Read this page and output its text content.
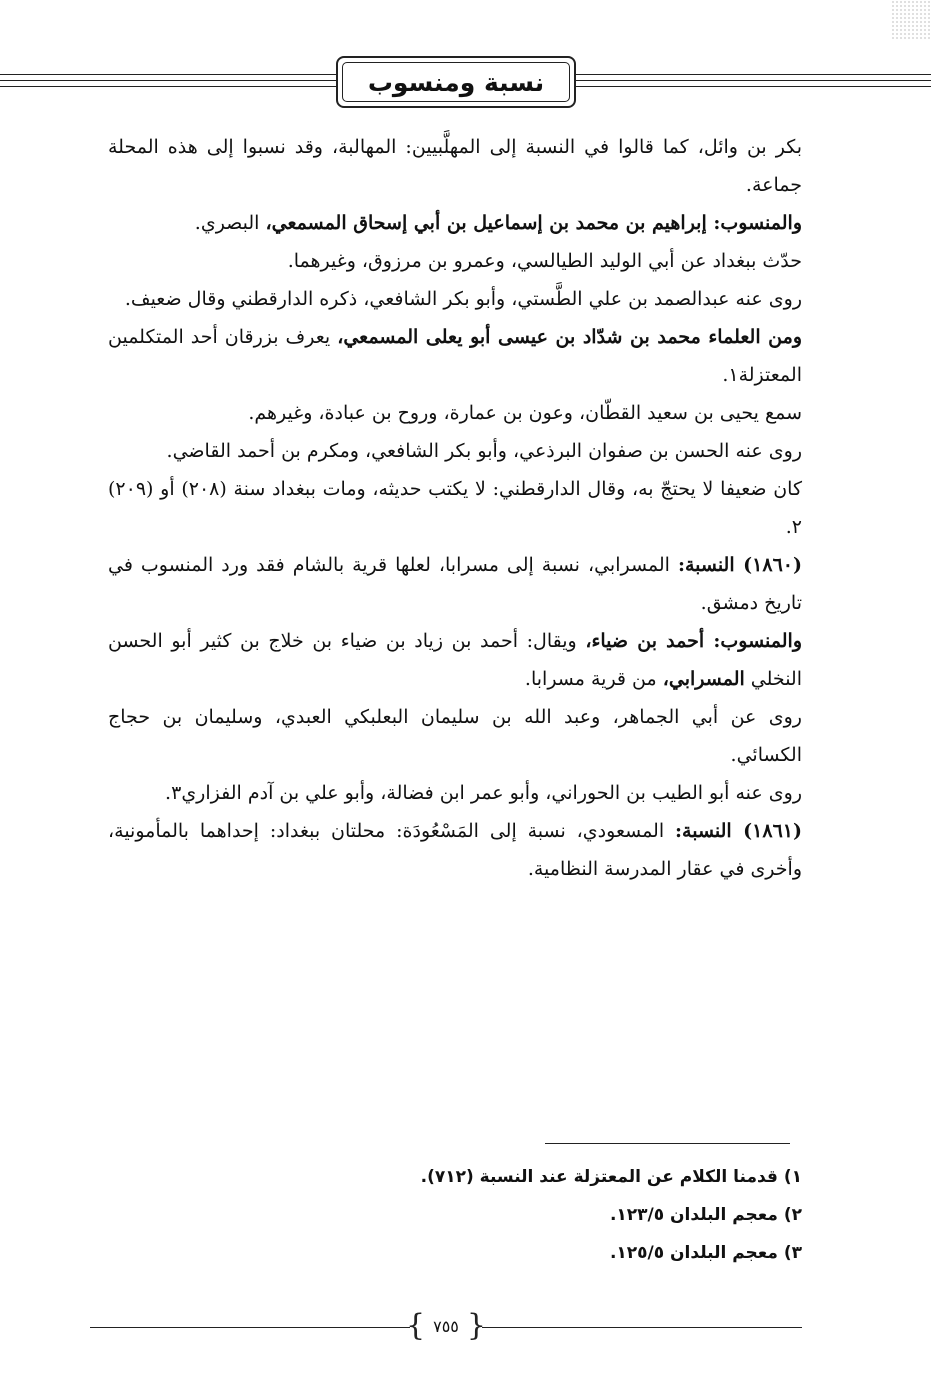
نسبة ومنسوب

بكر بن وائل، كما قالوا في النسبة إلى المهلَّبيين: المهالبة، وقد نسبوا إلى هذه المحلة جماعة.

والمنسوب: إبراهيم بن محمد بن إسماعيل بن أبي إسحاق المسمعي، البصري.

حدّث ببغداد عن أبي الوليد الطيالسي، وعمرو بن مرزوق، وغيرهما.

روى عنه عبدالصمد بن علي الطَّستي، وأبو بكر الشافعي، ذكره الدارقطني وقال ضعيف.

ومن العلماء محمد بن شدّاد بن عيسى أبو يعلى المسمعي، يعرف بزرقان أحد المتكلمين المعتزلة١.

سمع يحيى بن سعيد القطّان، وعون بن عمارة، وروح بن عبادة، وغيرهم.

روى عنه الحسن بن صفوان البرذعي، وأبو بكر الشافعي، ومكرم بن أحمد القاضي.

كان ضعيفا لا يحتجّ به، وقال الدارقطني: لا يكتب حديثه، ومات ببغداد سنة (٢٠٨) أو (٢٠٩) ٢.

(١٨٦٠) النسبة: المسرابي، نسبة إلى مسرابا، لعلها قرية بالشام فقد ورد المنسوب في تاريخ دمشق.

والمنسوب: أحمد بن ضياء، ويقال: أحمد بن زياد بن ضياء بن خلاج بن كثير أبو الحسن النخلي المسرابي، من قرية مسرابا.

روى عن أبي الجماهر، وعبد الله بن سليمان البعلبكي العبدي، وسليمان بن حجاج الكسائي.

روى عنه أبو الطيب بن الحوراني، وأبو عمر ابن فضالة، وأبو علي بن آدم الفزاري٣.

(١٨٦١) النسبة: المسعودي، نسبة إلى المَسْعُودَة: محلتان ببغداد: إحداهما بالمأمونية، وأخرى في عقار المدرسة النظامية.

١) قدمنا الكلام عن المعتزلة عند النسبة (٧١٢).

٢) معجم البلدان ١٢٣/٥.

٣) معجم البلدان ١٢٥/٥.

{ ٧٥٥ }
